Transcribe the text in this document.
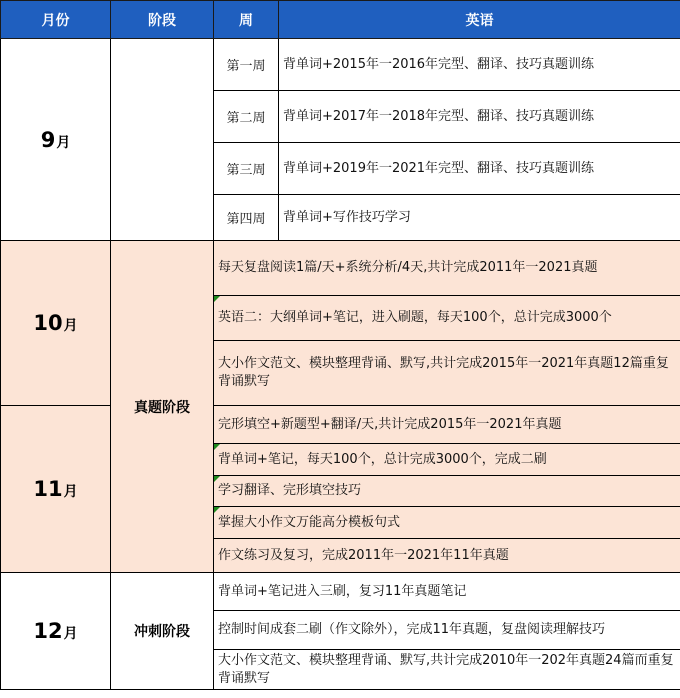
月份	阶段	周	英语
9月		第一周	背单词+2015年一2016年完型、翻译、技巧真题训练
		第二周	背单词+2017年一2018年完型、翻译、技巧真题训练
		第三周	背单词+2019年一2021年完型、翻译、技巧真题训练
		第四周	背单词+写作技巧学习
10月	真题阶段	每天复盘阅读1篇/天+系统分析/4天,共计完成2011年一2021真题	
		英语二：大纲单词+笔记，进入刷题，每天100个，总计完成3000个	
		大小作文范文、模块整理背诵、默写,共计完成2015年一2021年真题12篇重复背诵默写	
11月		完形填空+新题型+翻译/天,共计完成2015年一2021年真题	
		背单词+笔记，每天100个，总计完成3000个，完成二刷	
		学习翻译、完形填空技巧	
		掌握大小作文万能高分模板句式	
		作文练习及复习，完成2011年一2021年11年真题	
12月	冲刺阶段	背单词+笔记进入三刷，复习11年真题笔记	
		控制时间成套二刷（作文除外），完成11年真题，复盘阅读理解技巧	
		大小作文范文、模块整理背诵、默写,共计完成2010年一202年真题24篇而重复背诵默写	
